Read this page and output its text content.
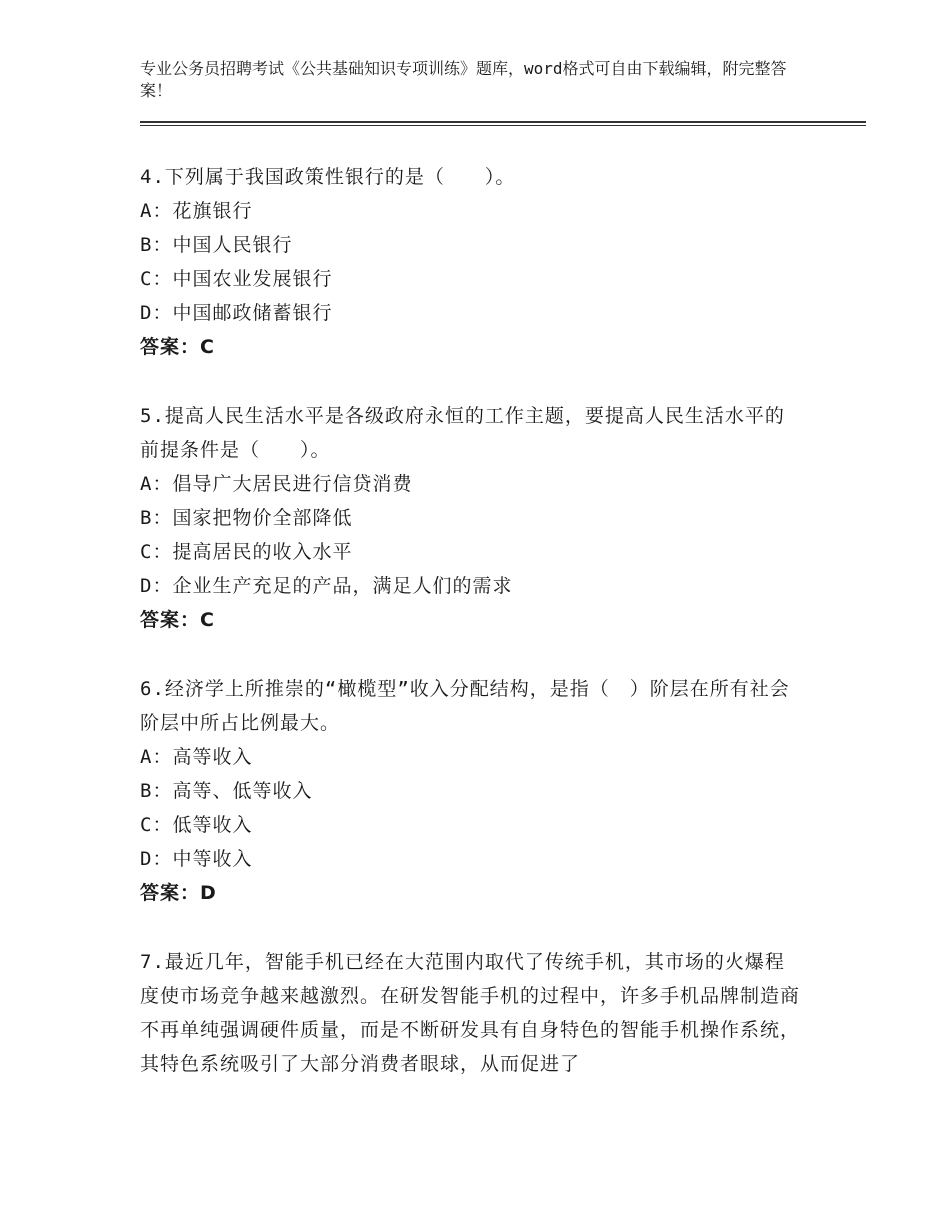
专业公务员招聘考试《公共基础知识专项训练》题库，word格式可自由下载编辑，附完整答案！
4.下列属于我国政策性银行的是（　　）。
A：花旗银行
B：中国人民银行
C：中国农业发展银行
D：中国邮政储蓄银行
答案：C
5.提高人民生活水平是各级政府永恒的工作主题，要提高人民生活水平的前提条件是（　　）。
A：倡导广大居民进行信贷消费
B：国家把物价全部降低
C：提高居民的收入水平
D：企业生产充足的产品，满足人们的需求
答案：C
6.经济学上所推崇的“橄榄型”收入分配结构，是指（　）阶层在所有社会阶层中所占比例最大。
A：高等收入
B：高等、低等收入
C：低等收入
D：中等收入
答案：D
7.最近几年，智能手机已经在大范围内取代了传统手机，其市场的火爆程度使市场竞争越来越激烈。在研发智能手机的过程中，许多手机品牌制造商不再单纯强调硬件质量，而是不断研发具有自身特色的智能手机操作系统，其特色系统吸引了大部分消费者眼球，从而促进了
